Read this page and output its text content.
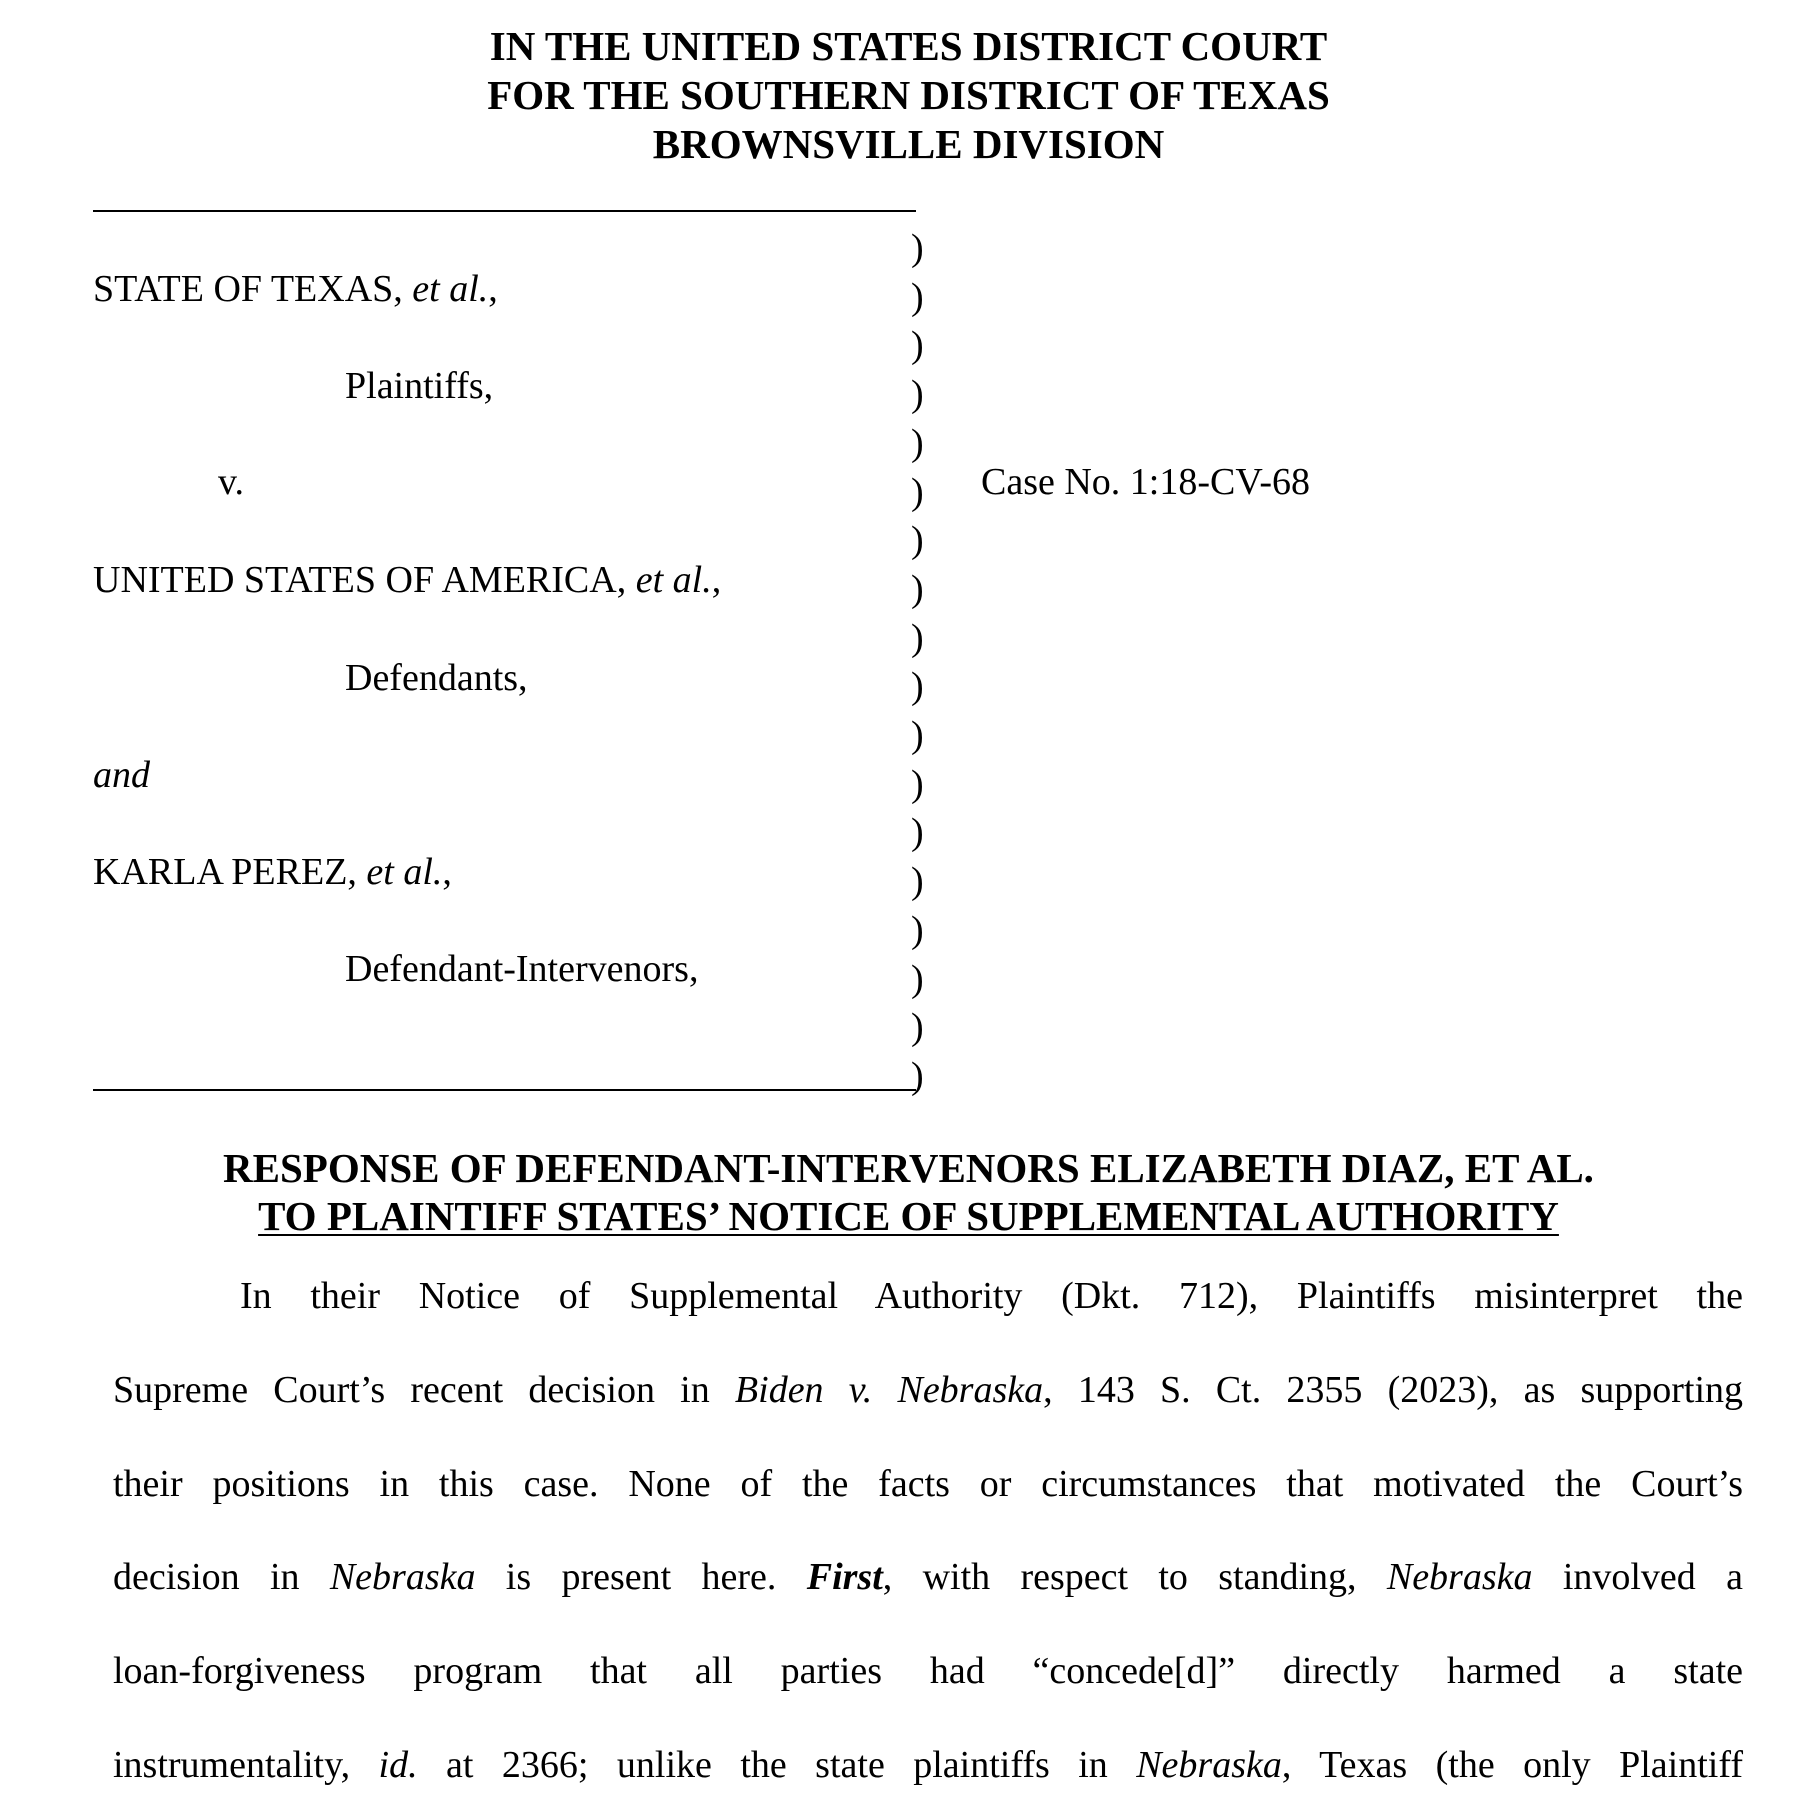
IN THE UNITED STATES DISTRICT COURT
FOR THE SOUTHERN DISTRICT OF TEXAS
BROWNSVILLE DIVISION
)
)
)
)
)
)
)
)
)
)
)
)
)
)
)
)
)
)
STATE OF TEXAS, et al.,
Plaintiffs,
v.
UNITED STATES OF AMERICA, et al.,
Defendants,
and
KARLA PEREZ, et al.,
Defendant-Intervenors,
Case No. 1:18-CV-68
RESPONSE OF DEFENDANT-INTERVENORS ELIZABETH DIAZ, ET AL.
TO PLAINTIFF STATES’ NOTICE OF SUPPLEMENTAL AUTHORITY
In their Notice of Supplemental Authority (Dkt. 712), Plaintiffs misinterpret the
Supreme Court’s recent decision in Biden v. Nebraska, 143 S. Ct. 2355 (2023), as supporting
their positions in this case. None of the facts or circumstances that motivated the Court’s
decision in Nebraska is present here. First, with respect to standing, Nebraska involved a
loan-forgiveness program that all parties had “concede[d]” directly harmed a state
instrumentality, id. at 2366; unlike the state plaintiffs in Nebraska, Texas (the only Plaintiff
